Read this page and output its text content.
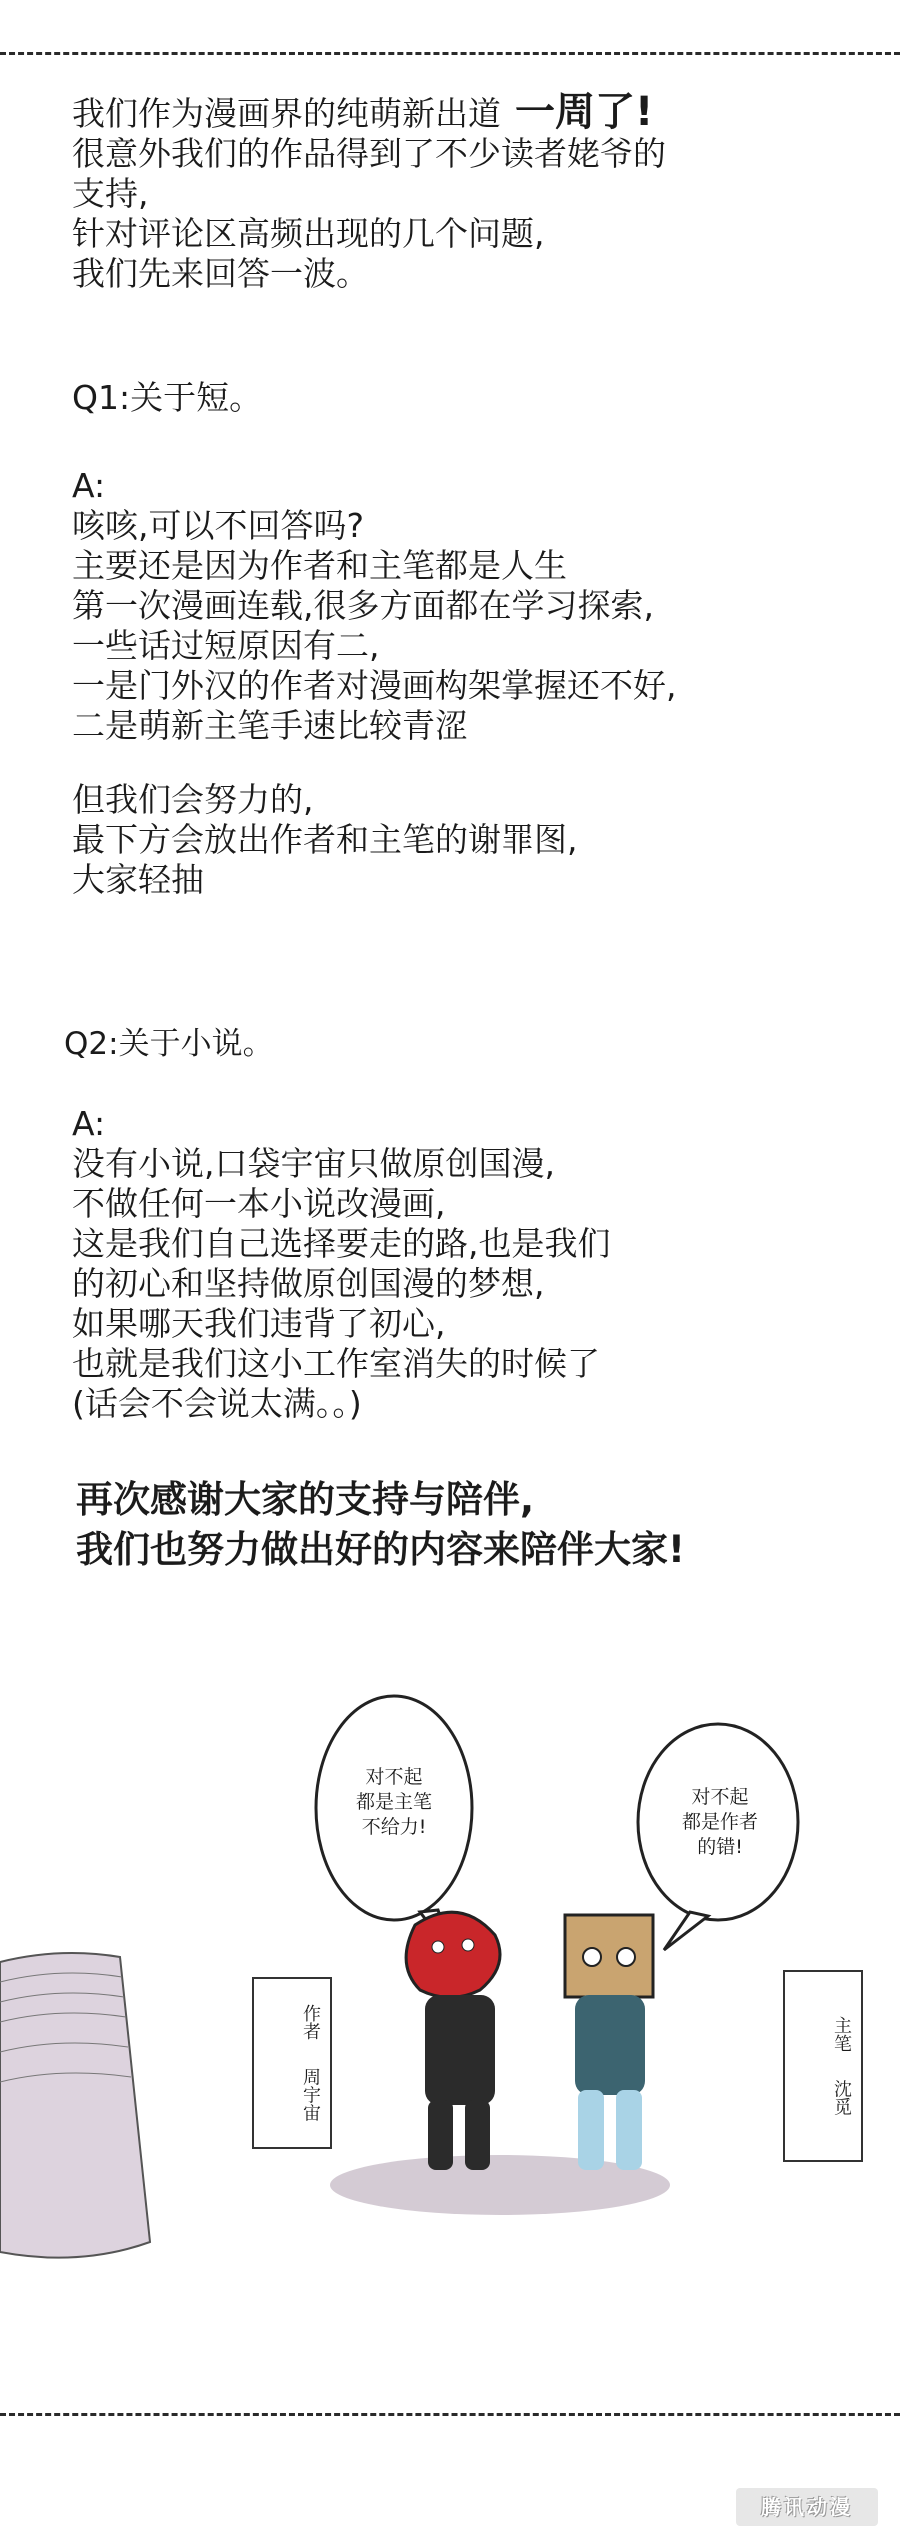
我们作为漫画界的纯萌新出道 一周了!
很意外我们的作品得到了不少读者姥爷的
支持,
针对评论区高频出现的几个问题,
我们先来回答一波。
Q1:关于短。
A:
咳咳,可以不回答吗?
主要还是因为作者和主笔都是人生
第一次漫画连载,很多方面都在学习探索,
一些话过短原因有二,
一是门外汉的作者对漫画构架掌握还不好,
二是萌新主笔手速比较青涩
但我们会努力的,
最下方会放出作者和主笔的谢罪图,
大家轻抽
Q2:关于小说。
A:
没有小说,口袋宇宙只做原创国漫,
不做任何一本小说改漫画,
这是我们自己选择要走的路,也是我们
的初心和坚持做原创国漫的梦想,
如果哪天我们违背了初心,
也就是我们这小工作室消失的时候了
(话会不会说太满。。)
再次感谢大家的支持与陪伴,
我们也努力做出好的内容来陪伴大家!
对不起
都是主笔
不给力!
对不起
都是作者
的错!
作者 周宇宙
主笔 沈觅
腾讯动漫
